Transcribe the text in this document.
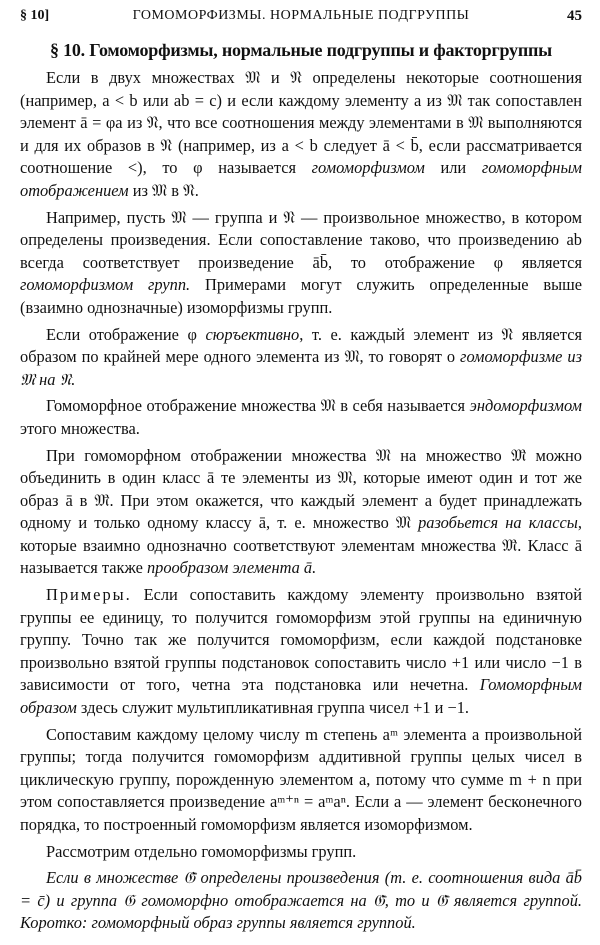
§ 10]	ГОМОМОРФИЗМЫ. НОРМАЛЬНЫЕ ПОДГРУППЫ	45
§ 10. Гомоморфизмы, нормальные подгруппы и факторгруппы

Если в двух множествах 𝔐 и 𝔑 определены некоторые соотношения (например, a < b или ab = c) и если каждому элементу a из 𝔐 так сопоставлен элемент ā = φa из 𝔑, что все соотношения между элементами в 𝔐 выполняются и для их образов в 𝔑 (например, из a < b следует ā < b̄, если рассматривается соотношение <), то φ называется гомоморфизмом или гомоморфным отображением из 𝔐 в 𝔑.

Например, пусть 𝔐 — группа и 𝔑 — произвольное множество, в котором определены произведения. Если сопоставление таково, что произведению ab всегда соответствует произведение āb̄, то отображение φ является гомоморфизмом групп. Примерами могут служить определенные выше (взаимно однозначные) изоморфизмы групп.

Если отображение φ сюръективно, т. е. каждый элемент из 𝔑 является образом по крайней мере одного элемента из 𝔐, то говорят о гомоморфизме из 𝔐 на 𝔑.

Гомоморфное отображение множества 𝔐 в себя называется эндоморфизмом этого множества.

При гомоморфном отображении множества 𝔐 на множество 𝔐̄ можно объединить в один класс ā те элементы из 𝔐, которые имеют один и тот же образ ā в 𝔐̄. При этом окажется, что каждый элемент a будет принадлежать одному и только одному классу ā, т. е. множество 𝔐 разобьется на классы, которые взаимно однозначно соответствуют элементам множества 𝔐̄. Класс ā называется также прообразом элемента ā.

Примеры. Если сопоставить каждому элементу произвольно взятой группы ее единицу, то получится гомоморфизм этой группы на единичную группу. Точно так же получится гомоморфизм, если каждой подстановке произвольно взятой группы подстановок сопоставить число +1 или число −1 в зависимости от того, четна эта подстановка или нечетна. Гомоморфным образом здесь служит мультипликативная группа чисел +1 и −1.

Сопоставим каждому целому числу m степень aᵐ элемента a произвольной группы; тогда получится гомоморфизм аддитивной группы целых чисел в циклическую группу, порожденную элементом a, потому что сумме m + n при этом сопоставляется произведение aᵐ⁺ⁿ = aᵐaⁿ. Если a — элемент бесконечного порядка, то построенный гомоморфизм является изоморфизмом.

Рассмотрим отдельно гомоморфизмы групп.

Если в множестве 𝔊̄ определены произведения (т. е. соотношения вида āb̄ = c̄) и группа 𝔊 гомоморфно отображается на 𝔊̄, то и 𝔊̄ является группой. Коротко: гомоморфный образ группы является группой.
